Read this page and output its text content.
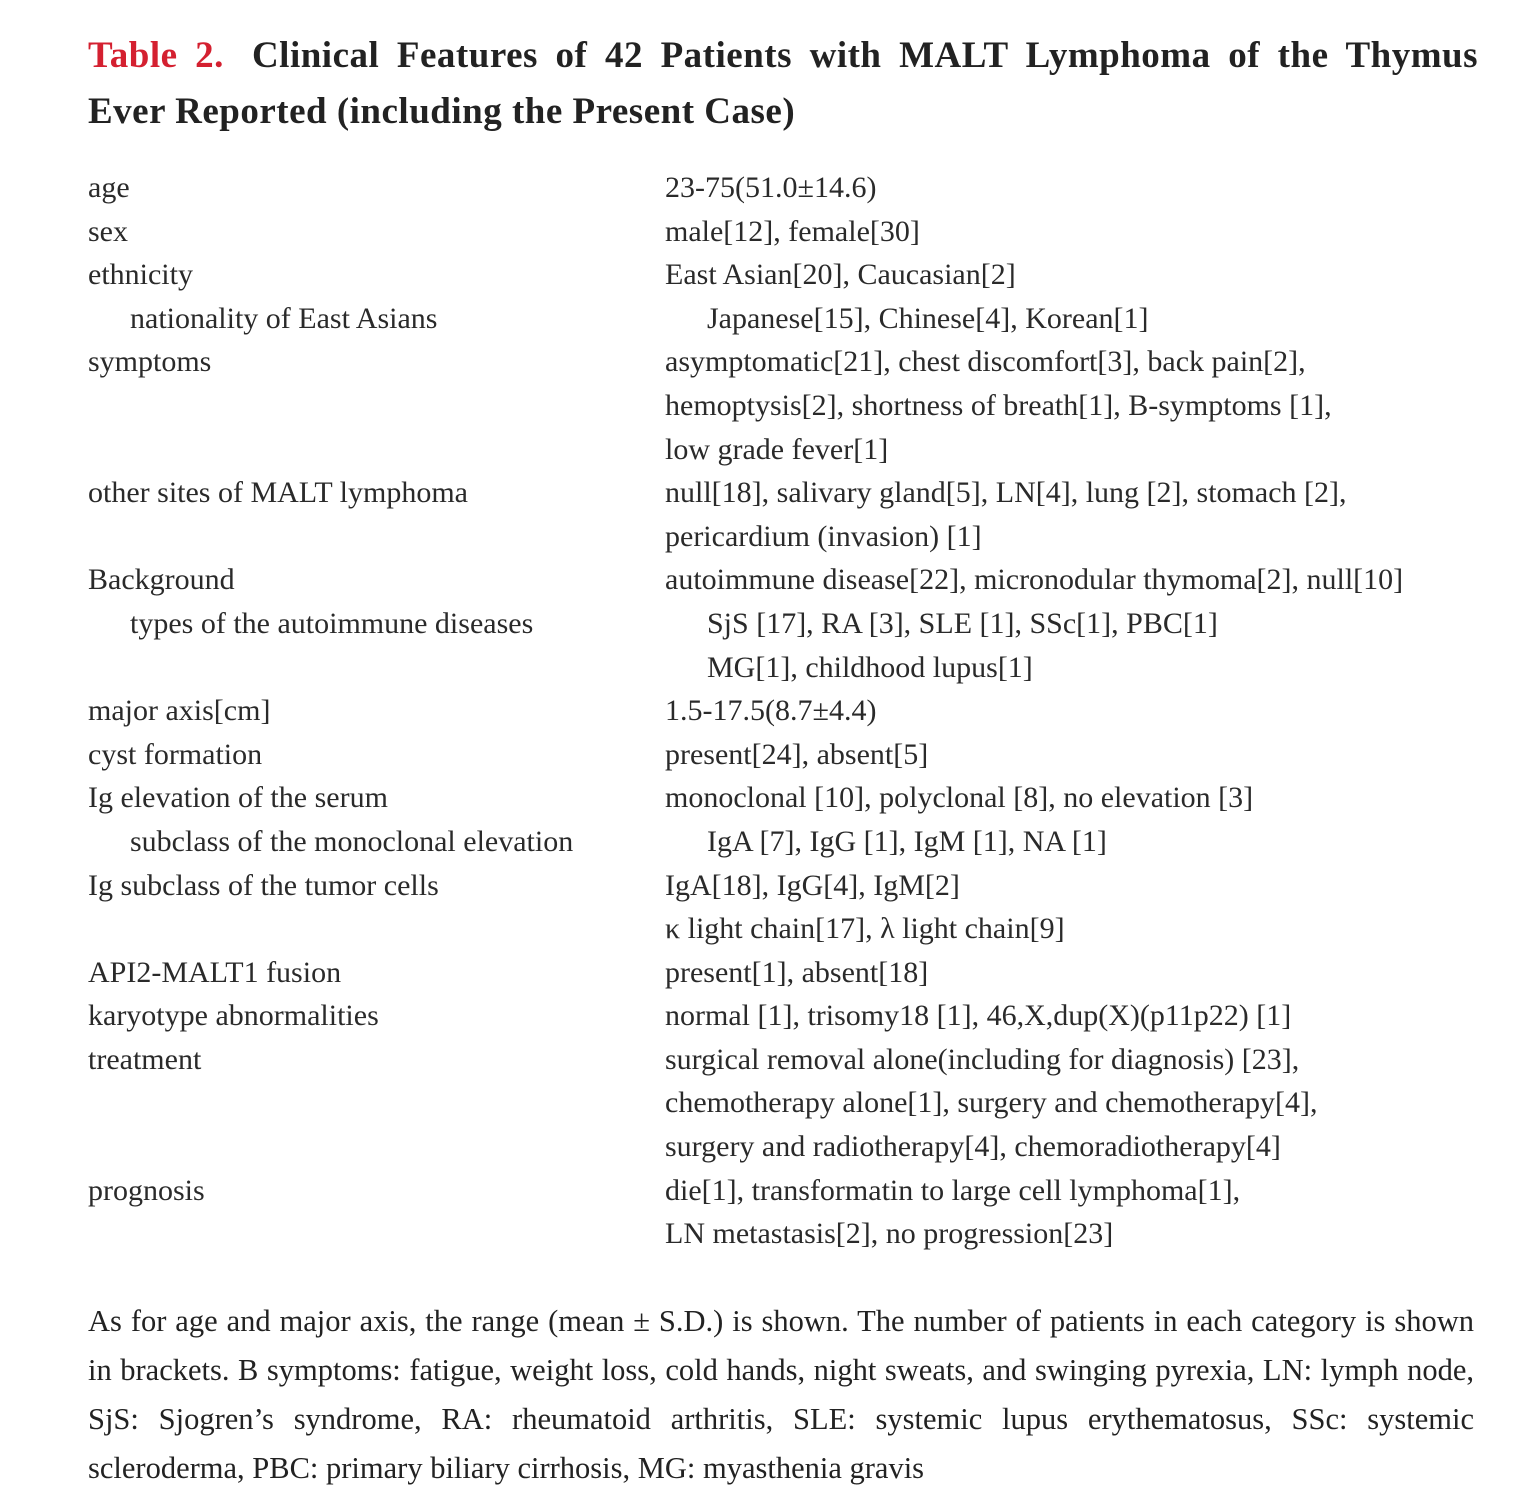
Table 2. Clinical Features of 42 Patients with MALT Lymphoma of the Thymus Ever Reported (including the Present Case)
age	23-75(51.0±14.6)
sex	male[12], female[30]
ethnicity	East Asian[20], Caucasian[2]
nationality of East Asians	Japanese[15], Chinese[4], Korean[1]
symptoms	asymptomatic[21], chest discomfort[3], back pain[2],
hemoptysis[2], shortness of breath[1], B-symptoms [1],
low grade fever[1]
other sites of MALT lymphoma	null[18], salivary gland[5], LN[4], lung [2], stomach [2],
pericardium (invasion) [1]
Background	autoimmune disease[22], micronodular thymoma[2], null[10]
types of the autoimmune diseases	SjS [17], RA [3], SLE [1], SSc[1], PBC[1]
MG[1], childhood lupus[1]
major axis[cm]	1.5-17.5(8.7±4.4)
cyst formation	present[24], absent[5]
Ig elevation of the serum	monoclonal [10], polyclonal [8], no elevation [3]
subclass of the monoclonal elevation	IgA [7], IgG [1], IgM [1], NA [1]
Ig subclass of the tumor cells	IgA[18], IgG[4], IgM[2]
κ light chain[17], λ light chain[9]
API2-MALT1 fusion	present[1], absent[18]
karyotype abnormalities	normal [1], trisomy18 [1], 46,X,dup(X)(p11p22) [1]
treatment	surgical removal alone(including for diagnosis) [23],
chemotherapy alone[1], surgery and chemotherapy[4],
surgery and radiotherapy[4], chemoradiotherapy[4]
prognosis	die[1], transformatin to large cell lymphoma[1],
LN metastasis[2], no progression[23]
As for age and major axis, the range (mean ± S.D.) is shown. The number of patients in each category is shown in brackets. B symptoms: fatigue, weight loss, cold hands, night sweats, and swinging pyrexia, LN: lymph node, SjS: Sjogren’s syndrome, RA: rheumatoid arthritis, SLE: systemic lupus erythematosus, SSc: systemic scleroderma, PBC: primary biliary cirrhosis, MG: myasthenia gravis
